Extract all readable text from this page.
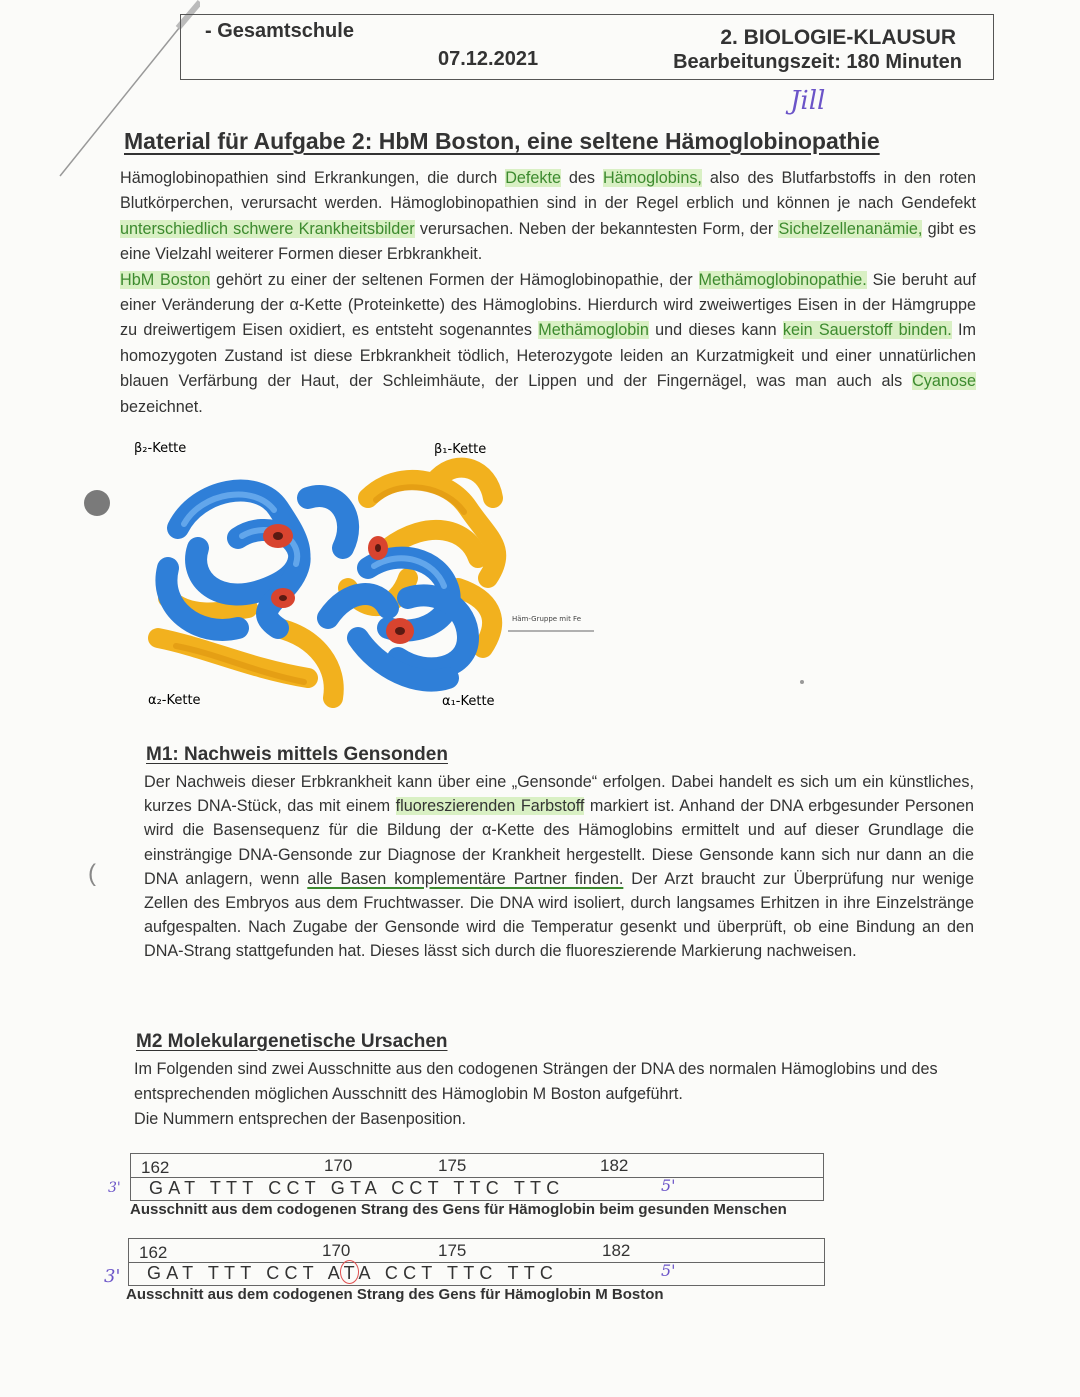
- Gesamtschule
07.12.2021
2. BIOLOGIE-KLAUSUR
Bearbeitungszeit: 180 Minuten
Jill
Material für Aufgabe 2: HbM Boston, eine seltene Hämoglobinopathie

Hämoglobinopathien sind Erkrankungen, die durch Defekte des Hämoglobins, also des Blutfarbstoffs in den roten Blutkörperchen, verursacht werden. Hämoglobinopathien sind in der Regel erblich und können je nach Gendefekt unterschiedlich schwere Krankheitsbilder verursachen. Neben der bekanntesten Form, der Sichelzellenanämie, gibt es eine Vielzahl weiterer Formen dieser Erbkrankheit.

HbM Boston gehört zu einer der seltenen Formen der Hämoglobinopathie, der Methämoglobinopathie. Sie beruht auf einer Veränderung der α-Kette (Proteinkette) des Hämoglobins. Hierdurch wird zweiwertiges Eisen in der Hämgruppe zu dreiwertigem Eisen oxidiert, es entsteht sogenanntes Methämoglobin und dieses kann kein Sauerstoff binden. Im homozygoten Zustand ist diese Erbkrankheit tödlich, Heterozygote leiden an Kurzatmigkeit und einer unnatürlichen blauen Verfärbung der Haut, der Schleimhäute, der Lippen und der Fingernägel, was man auch als Cyanose bezeichnet.

(
β₂-Kette	β₁-Kette
α₂-Kette	α₁-Kette
Häm-Gruppe mit Fe
M1: Nachweis mittels Gensonden

Der Nachweis dieser Erbkrankheit kann über eine „Gensonde“ erfolgen. Dabei handelt es sich um ein künstliches, kurzes DNA-Stück, das mit einem fluoreszierenden Farbstoff markiert ist. Anhand der DNA erbgesunder Personen wird die Basensequenz für die Bildung der α-Kette des Hämoglobins ermittelt und auf dieser Grundlage die einsträngige DNA-Gensonde zur Diagnose der Krankheit hergestellt. Diese Gensonde kann sich nur dann an die DNA anlagern, wenn alle Basen komplementäre Partner finden. Der Arzt braucht zur Überprüfung nur wenige Zellen des Embryos aus dem Fruchtwasser. Die DNA wird isoliert, durch langsames Erhitzen in ihre Einzelstränge aufgespalten. Nach Zugabe der Gensonde wird die Temperatur gesenkt und überprüft, ob eine Bindung an den DNA-Strang stattgefunden hat. Dieses lässt sich durch die fluoreszierende Markierung nachweisen.

M2 Molekulargenetische Ursachen

Im Folgenden sind zwei Ausschnitte aus den codogenen Strängen der DNA des normalen Hämoglobins und des entsprechenden möglichen Ausschnitt des Hämoglobin M Boston aufgeführt.

Die Nummern entsprechen der Basenposition.

3'
162	170	175	182
GAT TTT CCT GTA CCT TTC TTC	5'
Ausschnitt aus dem codogenen Strang des Gens für Hämoglobin beim gesunden Menschen
3'
162	170	175	182
GAT TTT CCT ATA CCT TTC TTC	5'
Ausschnitt aus dem codogenen Strang des Gens für Hämoglobin M Boston
